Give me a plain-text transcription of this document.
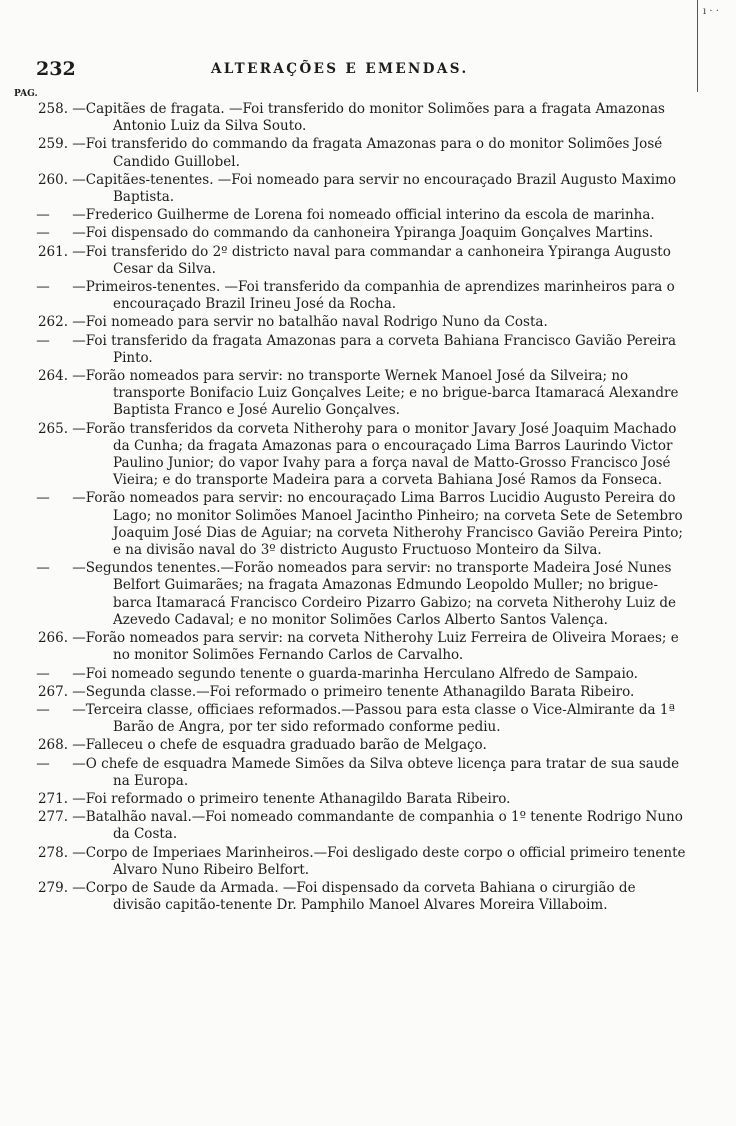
ı · ·
232	ALTERAÇÕES E EMENDAS.
PAG.
258. —Capitães de fragata. —Foi transferido do monitor Solimões para a fragata Amazonas Antonio Luiz da Silva Souto.
259. —Foi transferido do commando da fragata Amazonas para o do monitor Solimões José Candido Guillobel.
260. —Capitães-tenentes. —Foi nomeado para servir no encouraçado Brazil Augusto Maximo Baptista.
— —Frederico Guilherme de Lorena foi nomeado official interino da escola de marinha.
— —Foi dispensado do commando da canhoneira Ypiranga Joaquim Gonçalves Martins.
261. —Foi transferido do 2º districto naval para commandar a canhoneira Ypiranga Augusto Cesar da Silva.
— —Primeiros-tenentes. —Foi transferido da companhia de aprendizes marinheiros para o encouraçado Brazil Irineu José da Rocha.
262. —Foi nomeado para servir no batalhão naval Rodrigo Nuno da Costa.
— —Foi transferido da fragata Amazonas para a corveta Bahiana Francisco Gavião Pereira Pinto.
264. —Forão nomeados para servir: no transporte Wernek Manoel José da Silveira; no transporte Bonifacio Luiz Gonçalves Leite; e no brigue-barca Itamaracá Alexandre Baptista Franco e José Aurelio Gonçalves.
265. —Forão transferidos da corveta Nitherohy para o monitor Javary José Joaquim Machado da Cunha; da fragata Amazonas para o encouraçado Lima Barros Laurindo Victor Paulino Junior; do vapor Ivahy para a força naval de Matto-Grosso Francisco José Vieira; e do transporte Madeira para a corveta Bahiana José Ramos da Fonseca.
— —Forão nomeados para servir: no encouraçado Lima Barros Lucidio Augusto Pereira do Lago; no monitor Solimões Manoel Jacintho Pinheiro; na corveta Sete de Setembro Joaquim José Dias de Aguiar; na corveta Nitherohy Francisco Gavião Pereira Pinto; e na divisão naval do 3º districto Augusto Fructuoso Monteiro da Silva.
— —Segundos tenentes.—Forão nomeados para servir: no transporte Madeira José Nunes Belfort Guimarães; na fragata Amazonas Edmundo Leopoldo Muller; no brigue-barca Itamaracá Francisco Cordeiro Pizarro Gabizo; na corveta Nitherohy Luiz de Azevedo Cadaval; e no monitor Solimões Carlos Alberto Santos Valença.
266. —Forão nomeados para servir: na corveta Nitherohy Luiz Ferreira de Oliveira Moraes; e no monitor Solimões Fernando Carlos de Carvalho.
— —Foi nomeado segundo tenente o guarda-marinha Herculano Alfredo de Sampaio.
267. —Segunda classe.—Foi reformado o primeiro tenente Athanagildo Barata Ribeiro.
— —Terceira classe, officiaes reformados.—Passou para esta classe o Vice-Almirante da 1ª Barão de Angra, por ter sido reformado conforme pediu.
268. —Falleceu o chefe de esquadra graduado barão de Melgaço.
— —O chefe de esquadra Mamede Simões da Silva obteve licença para tratar de sua saude na Europa.
271. —Foi reformado o primeiro tenente Athanagildo Barata Ribeiro.
277. —Batalhão naval.—Foi nomeado commandante de companhia o 1º tenente Rodrigo Nuno da Costa.
278. —Corpo de Imperiaes Marinheiros.—Foi desligado deste corpo o official primeiro tenente Alvaro Nuno Ribeiro Belfort.
279. —Corpo de Saude da Armada. —Foi dispensado da corveta Bahiana o cirurgião de divisão capitão-tenente Dr. Pamphilo Manoel Alvares Moreira Villaboim.
